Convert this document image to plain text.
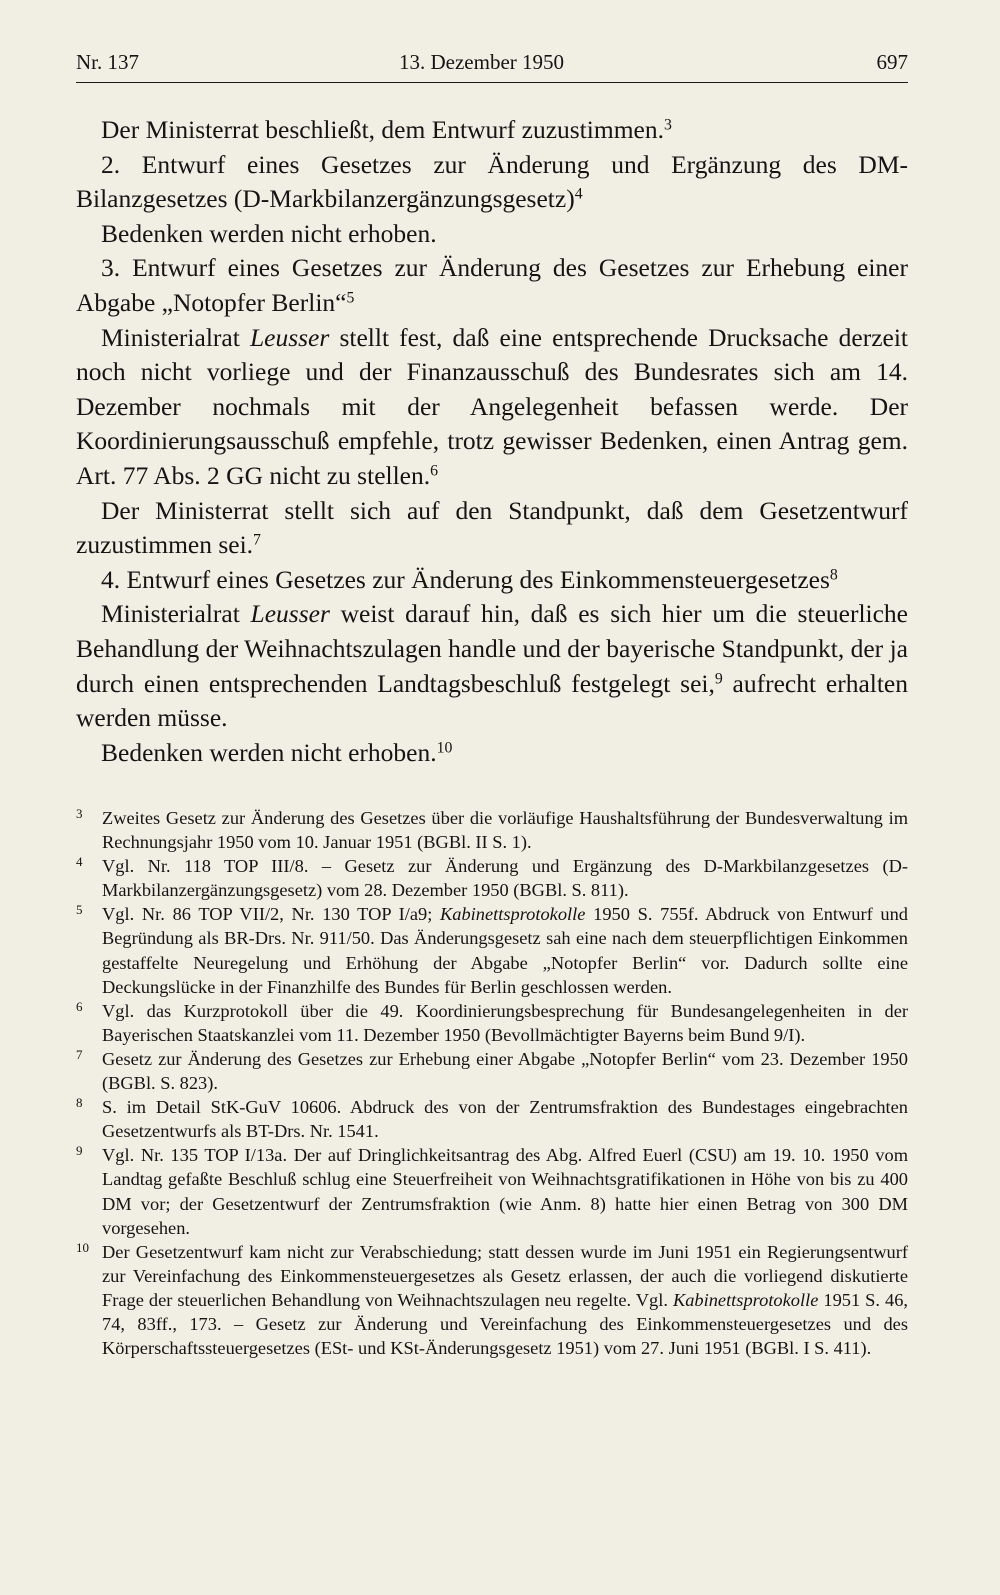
Nr. 137	13. Dezember 1950	697

Der Ministerrat beschließt, dem Entwurf zuzustimmen.$^3$

2. Entwurf eines Gesetzes zur Änderung und Ergänzung des DM-Bilanzgesetzes (D-Markbilanzergänzungsgesetz)$^4$

Bedenken werden nicht erhoben.

3. Entwurf eines Gesetzes zur Änderung des Gesetzes zur Erhebung einer Abgabe „Notopfer Berlin“$^5$

Ministerialrat Leusser stellt fest, daß eine entsprechende Drucksache derzeit noch nicht vorliege und der Finanzausschuß des Bundesrates sich am 14. Dezember nochmals mit der Angelegenheit befassen werde. Der Koordinierungsausschuß empfehle, trotz gewisser Bedenken, einen Antrag gem. Art. 77 Abs. 2 GG nicht zu stellen.$^6$

Der Ministerrat stellt sich auf den Standpunkt, daß dem Gesetzentwurf zuzustimmen sei.$^7$

4. Entwurf eines Gesetzes zur Änderung des Einkommensteuergesetzes$^8$

Ministerialrat Leusser weist darauf hin, daß es sich hier um die steuerliche Behandlung der Weihnachtszulagen handle und der bayerische Standpunkt, der ja durch einen entsprechenden Landtagsbeschluß festgelegt sei,$^9$ aufrecht erhalten werden müsse.

Bedenken werden nicht erhoben.$^{10}$

3 Zweites Gesetz zur Änderung des Gesetzes über die vorläufige Haushaltsführung der Bundesverwaltung im Rechnungsjahr 1950 vom 10. Januar 1951 (BGBl. II S. 1).

4 Vgl. Nr. 118 TOP III/8. – Gesetz zur Änderung und Ergänzung des D-Markbilanzgesetzes (D-Markbilanzergänzungsgesetz) vom 28. Dezember 1950 (BGBl. S. 811).

5 Vgl. Nr. 86 TOP VII/2, Nr. 130 TOP I/a9; Kabinettsprotokolle 1950 S. 755f. Abdruck von Entwurf und Begründung als BR-Drs. Nr. 911/50. Das Änderungsgesetz sah eine nach dem steuerpflichtigen Einkommen gestaffelte Neuregelung und Erhöhung der Abgabe „Notopfer Berlin“ vor. Dadurch sollte eine Deckungslücke in der Finanzhilfe des Bundes für Berlin geschlossen werden.

6 Vgl. das Kurzprotokoll über die 49. Koordinierungsbesprechung für Bundesangelegenheiten in der Bayerischen Staatskanzlei vom 11. Dezember 1950 (Bevollmächtigter Bayerns beim Bund 9/I).

7 Gesetz zur Änderung des Gesetzes zur Erhebung einer Abgabe „Notopfer Berlin“ vom 23. Dezember 1950 (BGBl. S. 823).

8 S. im Detail StK-GuV 10606. Abdruck des von der Zentrumsfraktion des Bundestages eingebrachten Gesetzentwurfs als BT-Drs. Nr. 1541.

9 Vgl. Nr. 135 TOP I/13a. Der auf Dringlichkeitsantrag des Abg. Alfred Euerl (CSU) am 19. 10. 1950 vom Landtag gefaßte Beschluß schlug eine Steuerfreiheit von Weihnachtsgratifikationen in Höhe von bis zu 400 DM vor; der Gesetzentwurf der Zentrumsfraktion (wie Anm. 8) hatte hier einen Betrag von 300 DM vorgesehen.

10 Der Gesetzentwurf kam nicht zur Verabschiedung; statt dessen wurde im Juni 1951 ein Regierungsentwurf zur Vereinfachung des Einkommensteuergesetzes als Gesetz erlassen, der auch die vorliegend diskutierte Frage der steuerlichen Behandlung von Weihnachtszulagen neu regelte. Vgl. Kabinettsprotokolle 1951 S. 46, 74, 83ff., 173. – Gesetz zur Änderung und Vereinfachung des Einkommensteuergesetzes und des Körperschaftssteuergesetzes (ESt- und KSt-Änderungsgesetz 1951) vom 27. Juni 1951 (BGBl. I S. 411).
